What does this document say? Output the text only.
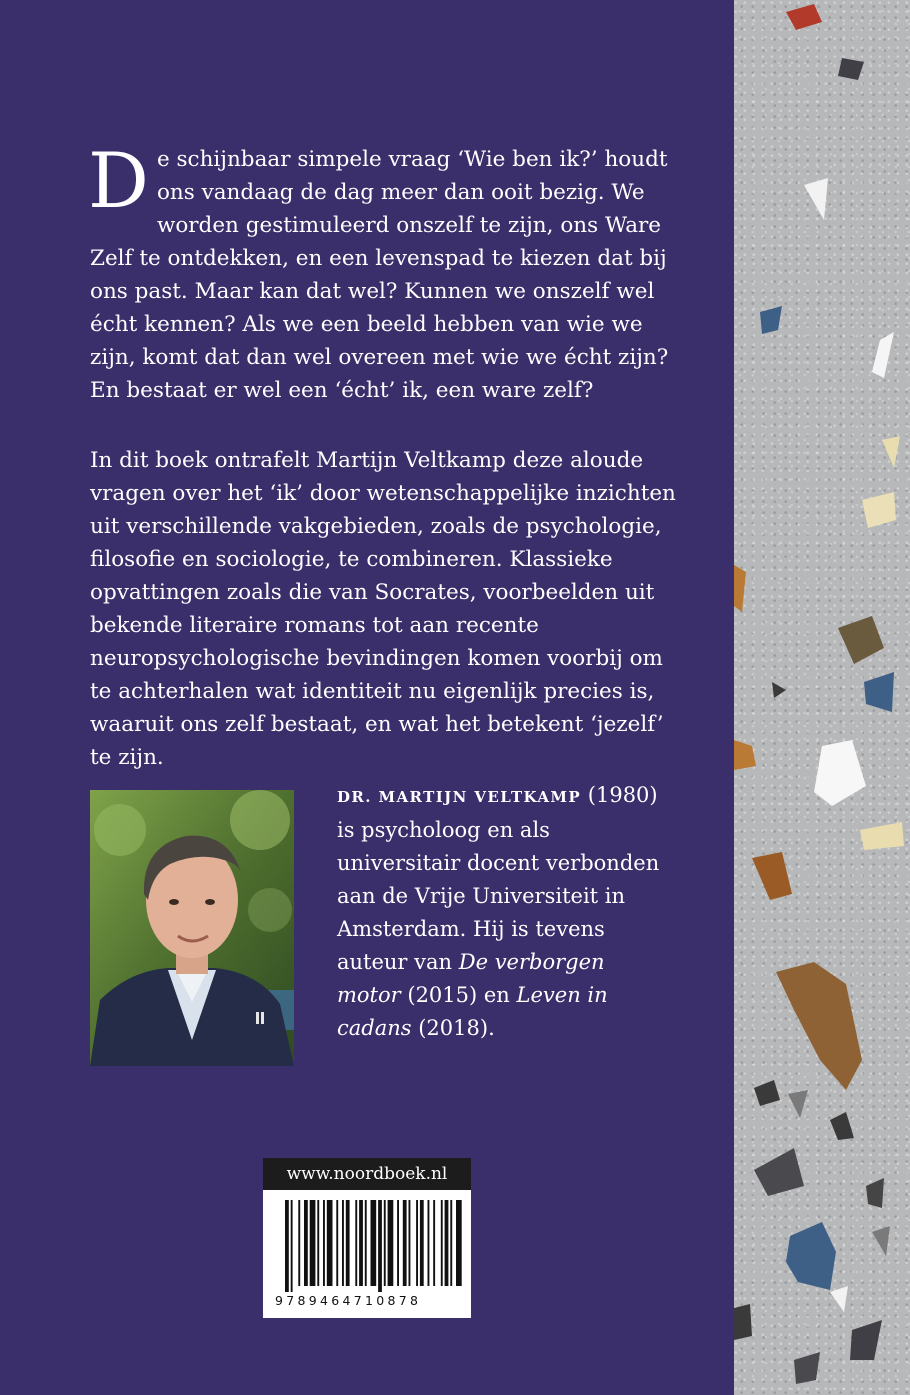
De schijnbaar simpele vraag ‘Wie ben ik?’ houdt ons vandaag de dag meer dan ooit bezig. We worden gestimuleerd onszelf te zijn, ons Ware Zelf te ontdekken, en een levenspad te kiezen dat bij ons past. Maar kan dat wel? Kunnen we onszelf wel écht kennen? Als we een beeld hebben van wie we zijn, komt dat dan wel overeen met wie we écht zijn? En bestaat er wel een ‘écht’ ik, een ware zelf?

In dit boek ontrafelt Martijn Veltkamp deze aloude vragen over het ‘ik’ door wetenschappelijke inzichten uit verschillende vakgebieden, zoals de psychologie, filosofie en sociologie, te combineren. Klassieke opvattingen zoals die van Socrates, voorbeelden uit bekende literaire romans tot aan recente neuropsychologische bevindingen komen voorbij om te achterhalen wat identiteit nu eigenlijk precies is, waaruit ons zelf bestaat, en wat het betekent ‘jezelf’ te zijn.

DR. MARTIJN VELTKAMP (1980) is psycholoog en als universitair docent verbonden aan de Vrije Universiteit in Amsterdam. Hij is tevens auteur van De verborgen motor (2015) en Leven in cadans (2018).
www.noordboek.nl
9789464710878
